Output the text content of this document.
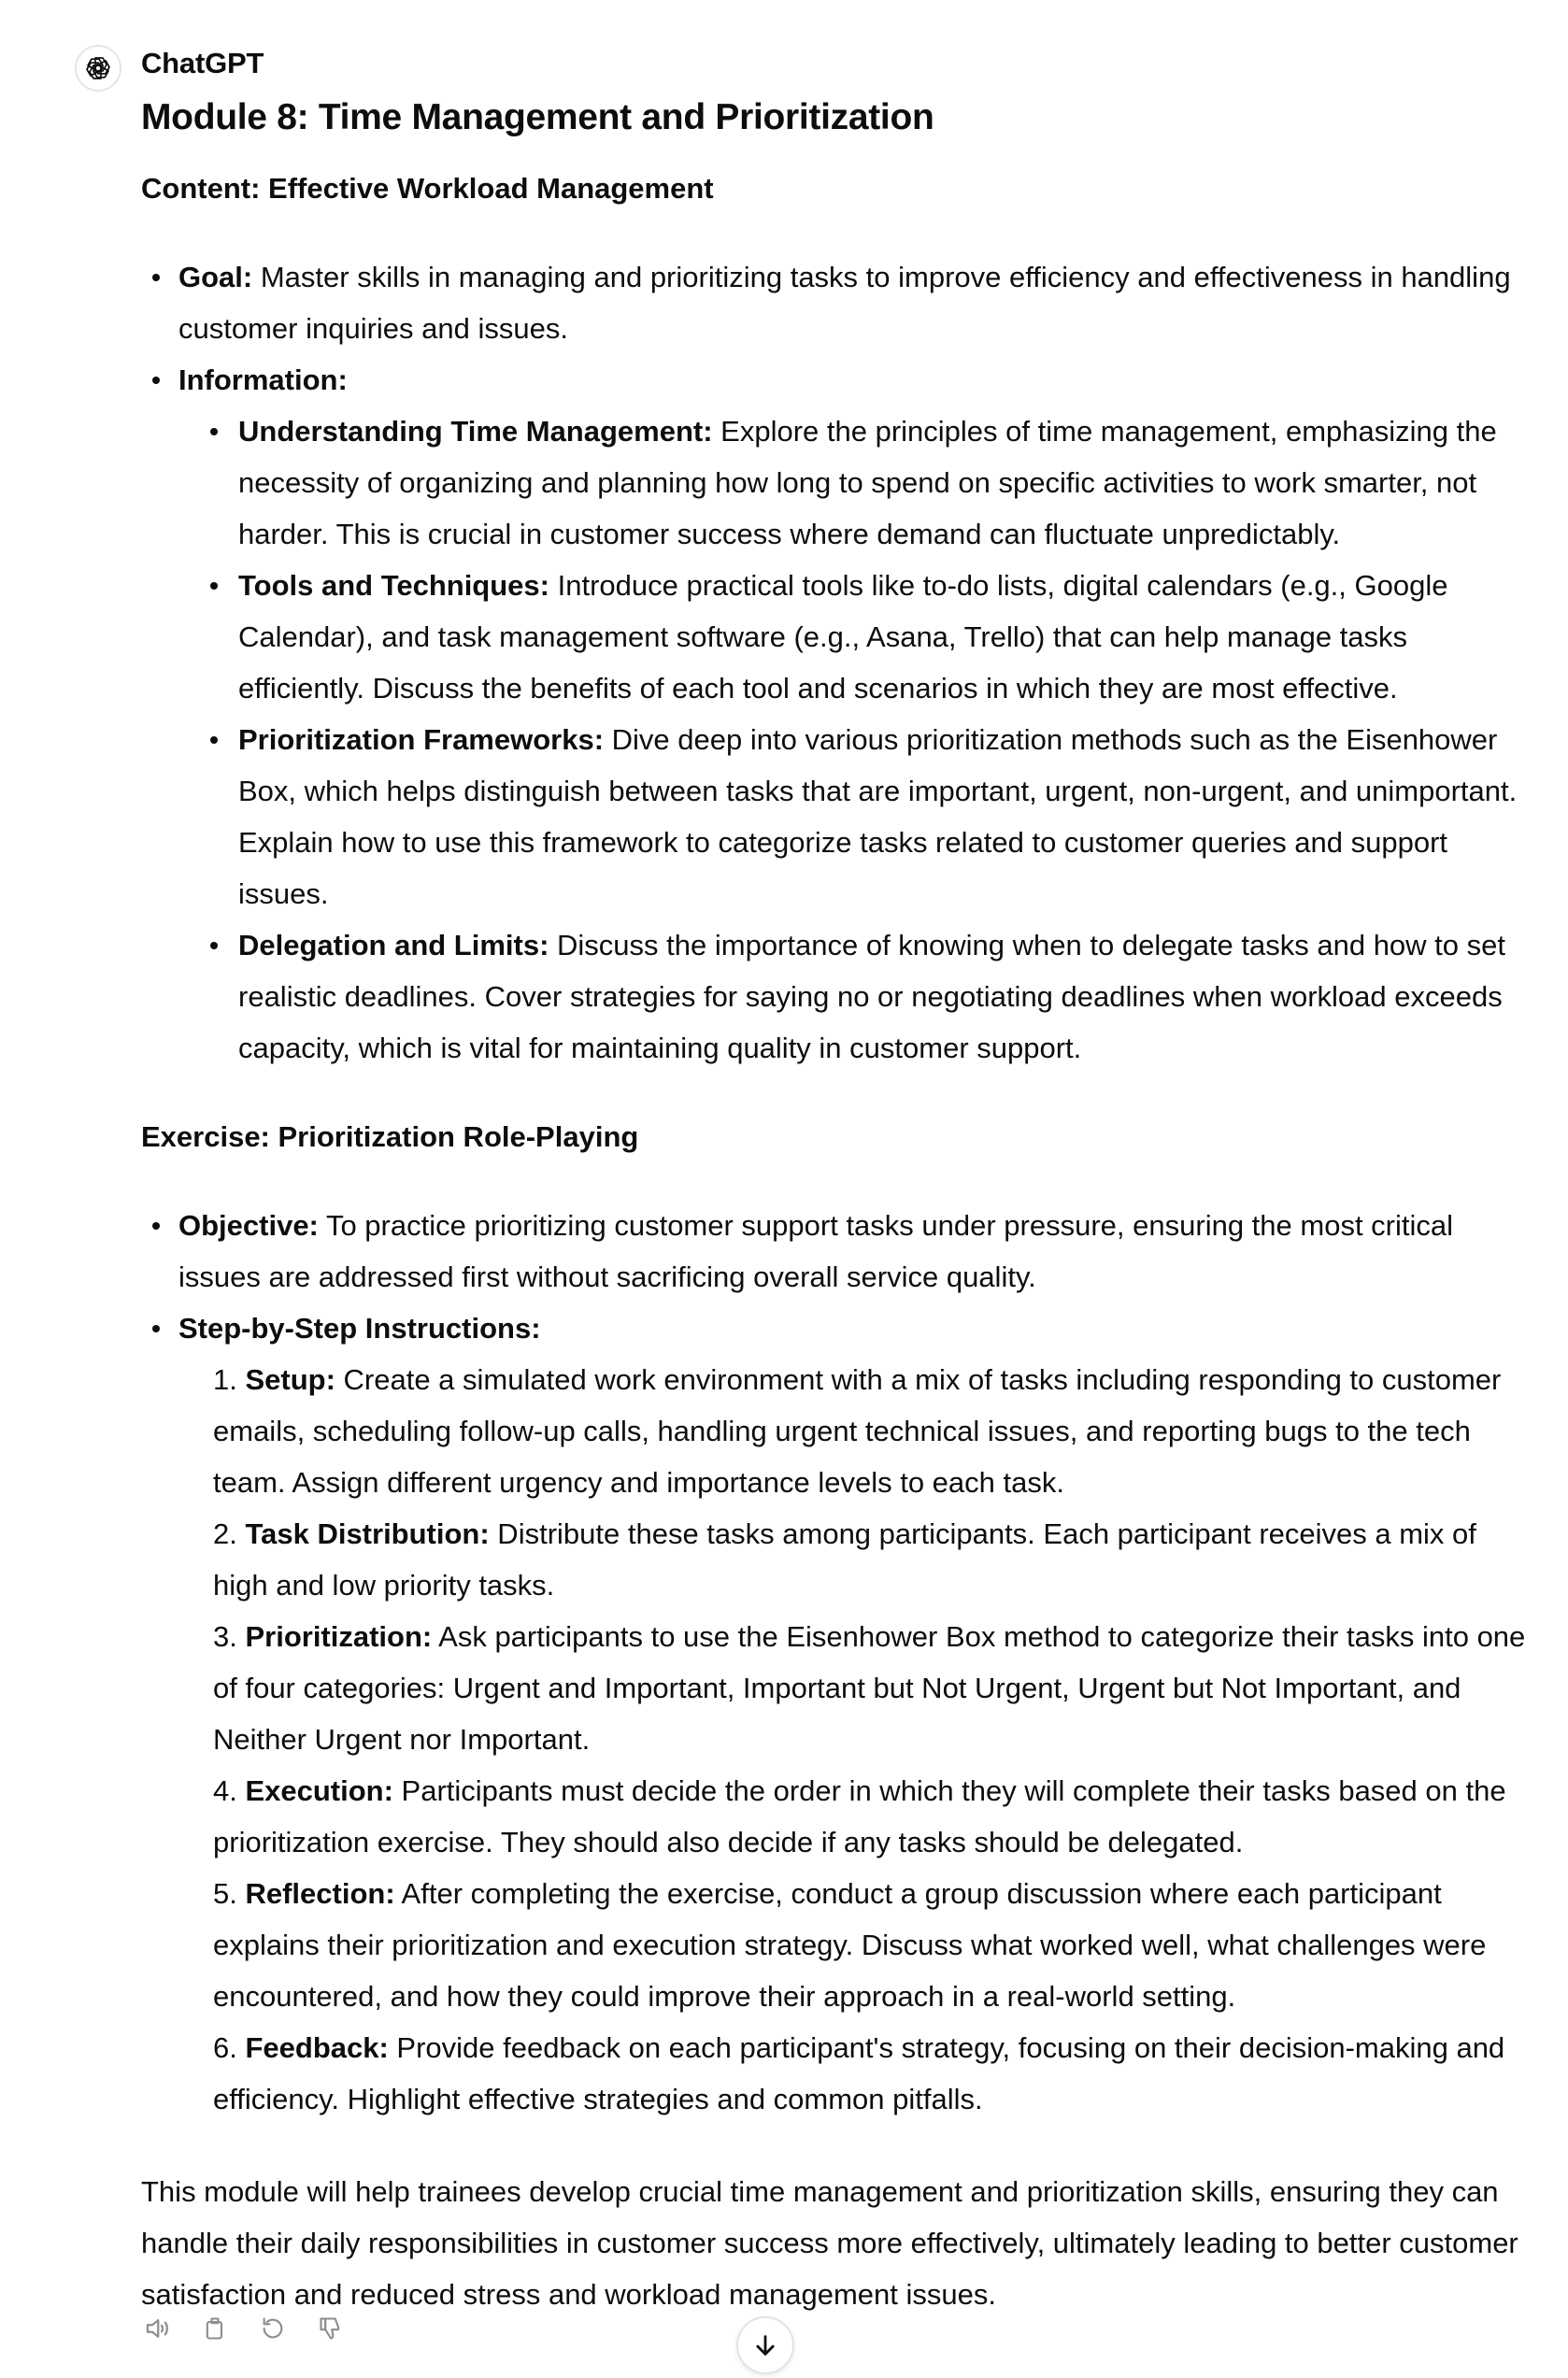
ChatGPT
Module 8: Time Management and Prioritization
Content: Effective Workload Management
Goal: Master skills in managing and prioritizing tasks to improve efficiency and effectiveness in handling customer inquiries and issues.
Information:
Understanding Time Management: Explore the principles of time management, emphasizing the necessity of organizing and planning how long to spend on specific activities to work smarter, not harder. This is crucial in customer success where demand can fluctuate unpredictably.
Tools and Techniques: Introduce practical tools like to-do lists, digital calendars (e.g., Google Calendar), and task management software (e.g., Asana, Trello) that can help manage tasks efficiently. Discuss the benefits of each tool and scenarios in which they are most effective.
Prioritization Frameworks: Dive deep into various prioritization methods such as the Eisenhower Box, which helps distinguish between tasks that are important, urgent, non-urgent, and unimportant. Explain how to use this framework to categorize tasks related to customer queries and support issues.
Delegation and Limits: Discuss the importance of knowing when to delegate tasks and how to set realistic deadlines. Cover strategies for saying no or negotiating deadlines when workload exceeds capacity, which is vital for maintaining quality in customer support.
Exercise: Prioritization Role-Playing
Objective: To practice prioritizing customer support tasks under pressure, ensuring the most critical issues are addressed first without sacrificing overall service quality.
Step-by-Step Instructions:
1. Setup: Create a simulated work environment with a mix of tasks including responding to customer emails, scheduling follow-up calls, handling urgent technical issues, and reporting bugs to the tech team. Assign different urgency and importance levels to each task.
2. Task Distribution: Distribute these tasks among participants. Each participant receives a mix of high and low priority tasks.
3. Prioritization: Ask participants to use the Eisenhower Box method to categorize their tasks into one of four categories: Urgent and Important, Important but Not Urgent, Urgent but Not Important, and Neither Urgent nor Important.
4. Execution: Participants must decide the order in which they will complete their tasks based on the prioritization exercise. They should also decide if any tasks should be delegated.
5. Reflection: After completing the exercise, conduct a group discussion where each participant explains their prioritization and execution strategy. Discuss what worked well, what challenges were encountered, and how they could improve their approach in a real-world setting.
6. Feedback: Provide feedback on each participant's strategy, focusing on their decision-making and efficiency. Highlight effective strategies and common pitfalls.

This module will help trainees develop crucial time management and prioritization skills, ensuring they can handle their daily responsibilities in customer success more effectively, ultimately leading to better customer satisfaction and reduced stress and workload management issues.
